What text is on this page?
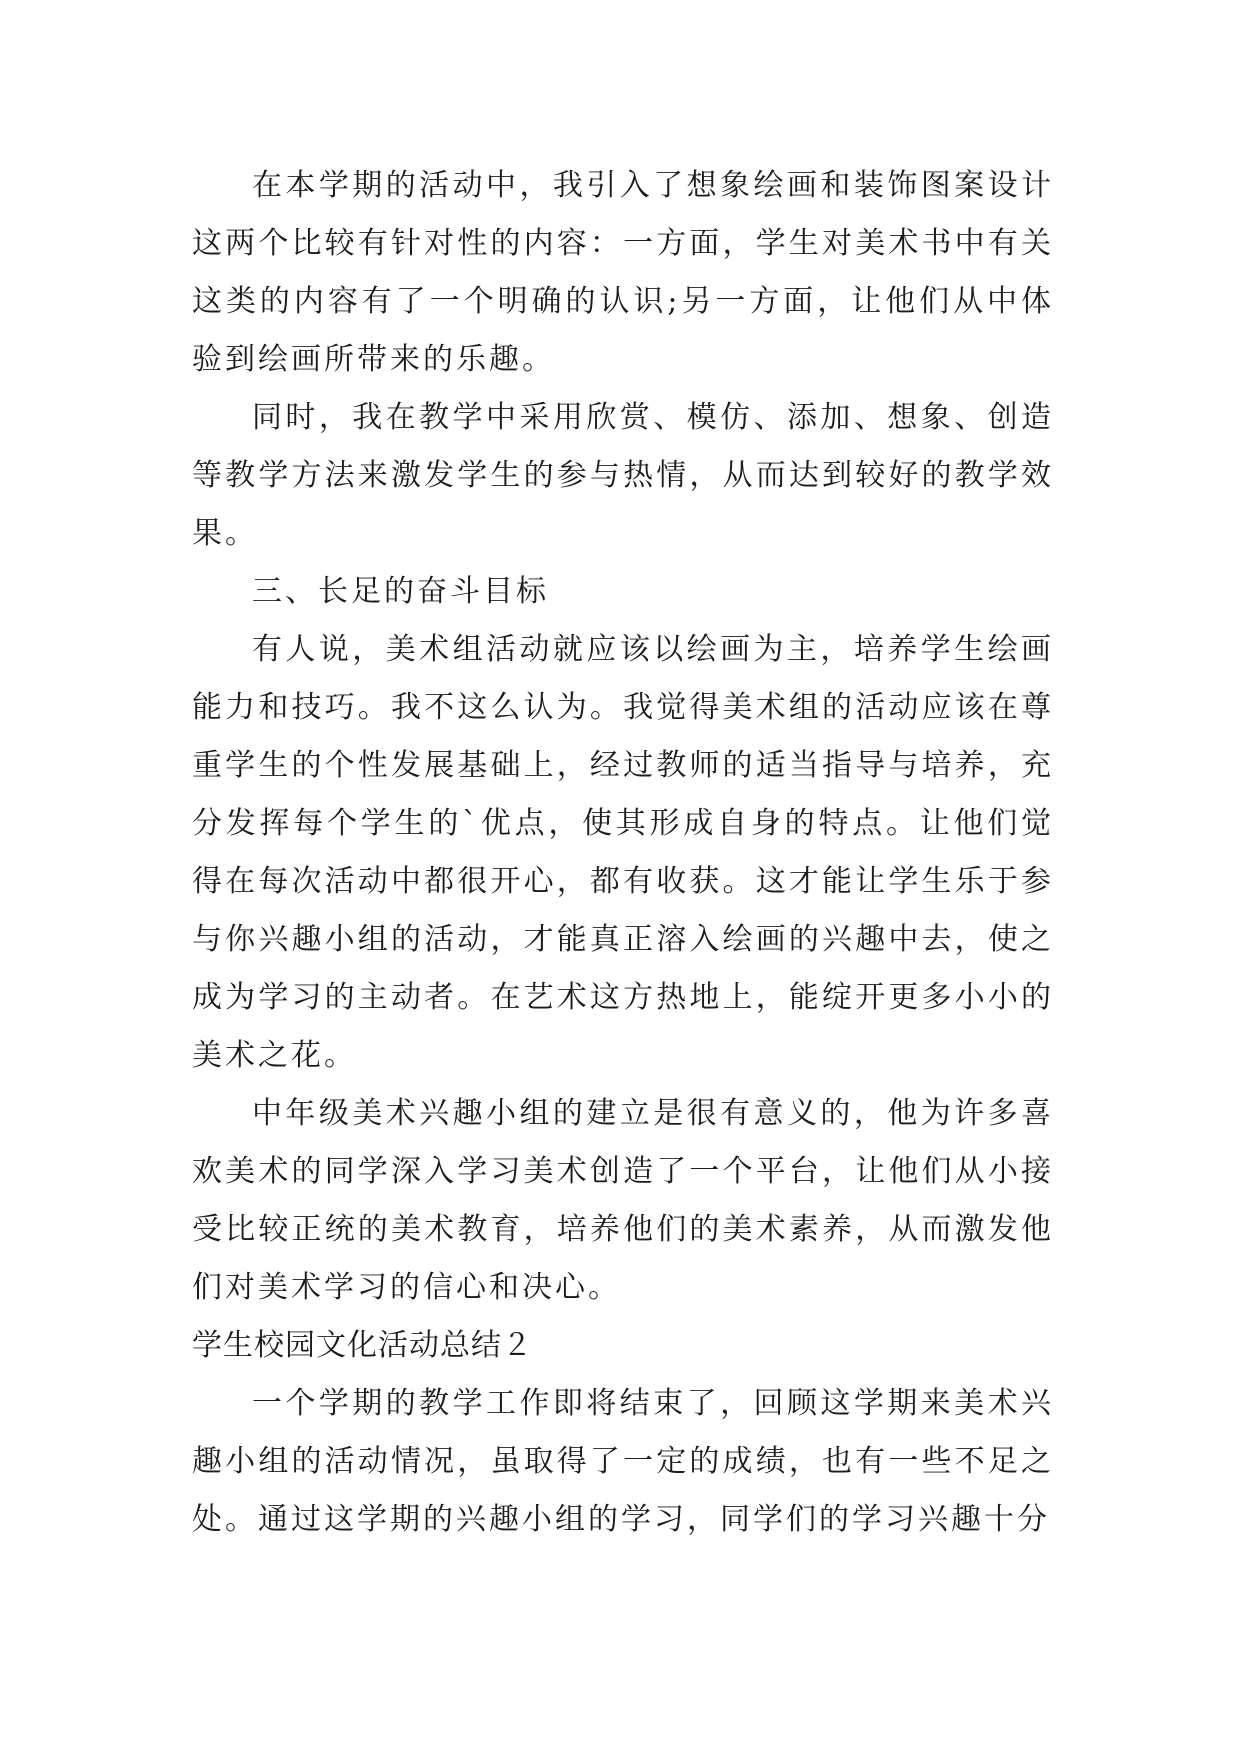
在本学期的活动中，我引入了想象绘画和装饰图案设计这两个比较有针对性的内容：一方面，学生对美术书中有关这类的内容有了一个明确的认识;另一方面，让他们从中体验到绘画所带来的乐趣。

同时，我在教学中采用欣赏、模仿、添加、想象、创造等教学方法来激发学生的参与热情，从而达到较好的教学效果。

三、长足的奋斗目标

有人说，美术组活动就应该以绘画为主，培养学生绘画能力和技巧。我不这么认为。我觉得美术组的活动应该在尊重学生的个性发展基础上，经过教师的适当指导与培养，充分发挥每个学生的`优点，使其形成自身的特点。让他们觉得在每次活动中都很开心，都有收获。这才能让学生乐于参与你兴趣小组的活动，才能真正溶入绘画的兴趣中去，使之成为学习的主动者。在艺术这方热地上，能绽开更多小小的美术之花。

中年级美术兴趣小组的建立是很有意义的，他为许多喜欢美术的同学深入学习美术创造了一个平台，让他们从小接受比较正统的美术教育，培养他们的美术素养，从而激发他们对美术学习的信心和决心。

学生校园文化活动总结２

一个学期的教学工作即将结束了，回顾这学期来美术兴趣小组的活动情况，虽取得了一定的成绩，也有一些不足之处。通过这学期的兴趣小组的学习，同学们的学习兴趣十分
